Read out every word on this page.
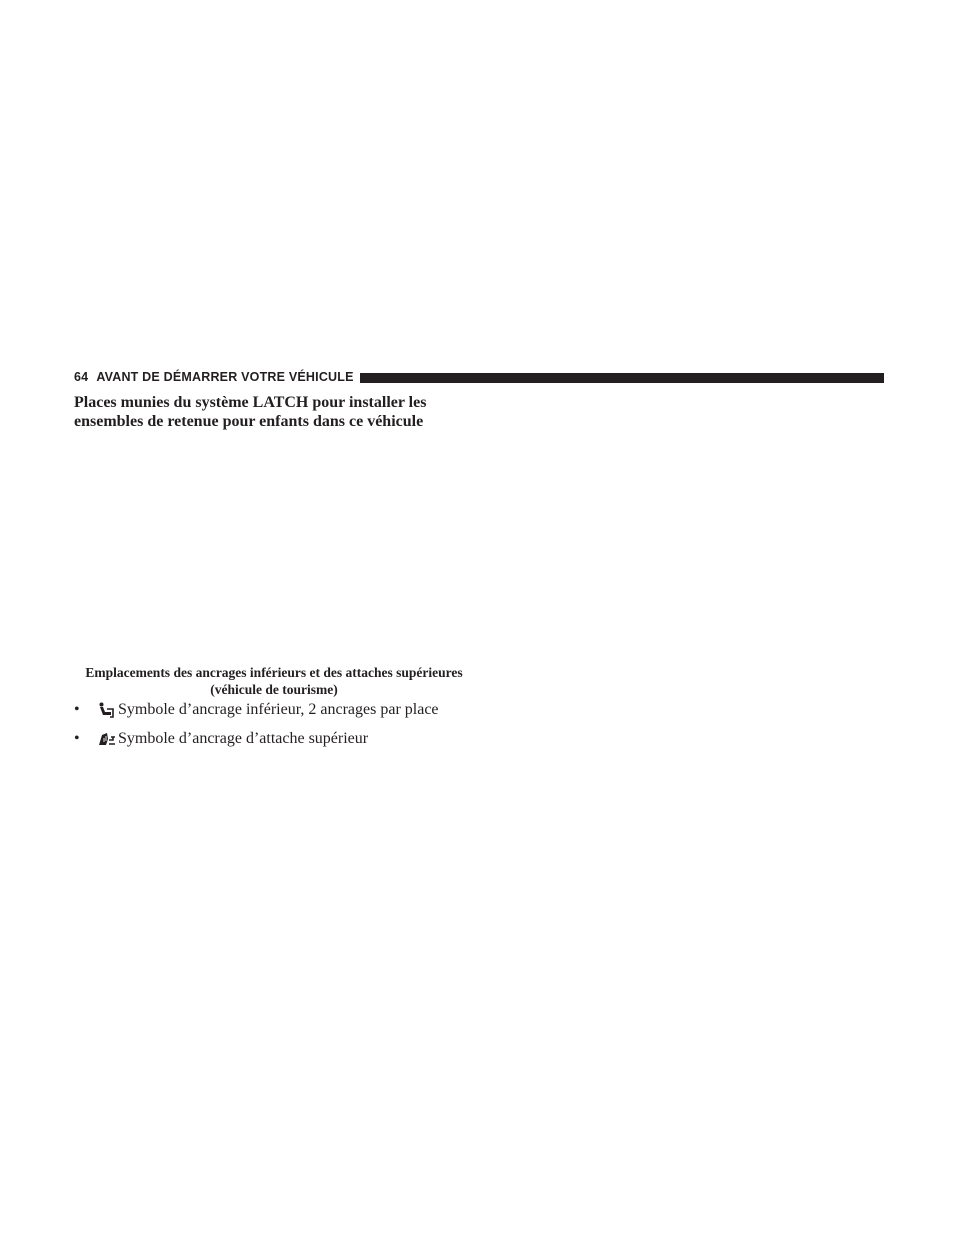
64 AVANT DE DÉMARRER VOTRE VÉHICULE
Places munies du système LATCH pour installer les ensembles de retenue pour enfants dans ce véhicule
Emplacements des ancrages inférieurs et des attaches supérieures (véhicule de tourisme)
•	Symbole d’ancrage inférieur, 2 ancrages par place
•	Symbole d’ancrage d’attache supérieur
